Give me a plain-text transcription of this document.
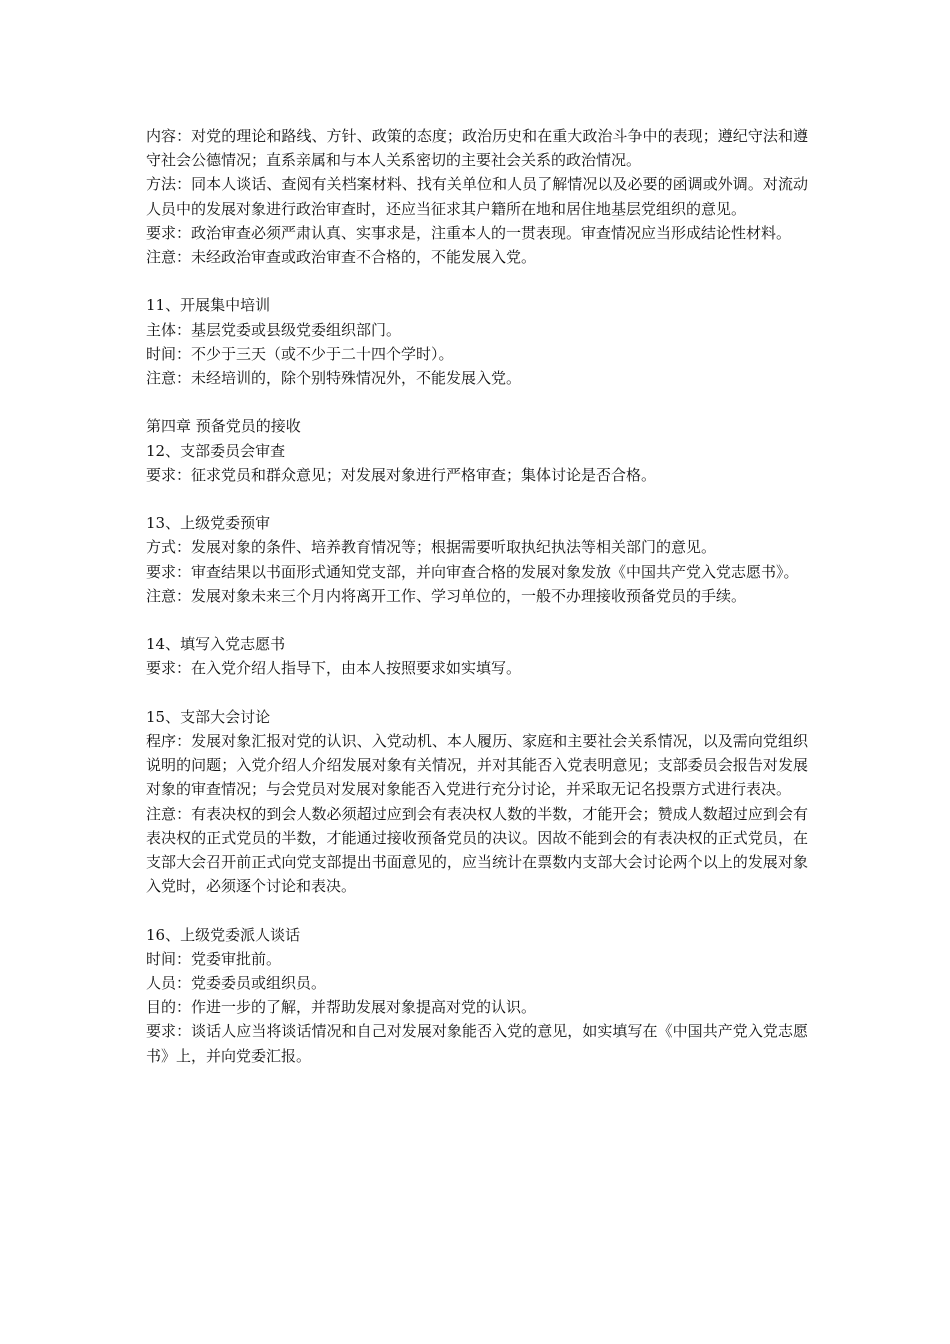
内容：对党的理论和路线、方针、政策的态度；政治历史和在重大政治斗争中的表现；遵纪守法和遵守社会公德情况；直系亲属和与本人关系密切的主要社会关系的政治情况。

方法：同本人谈话、查阅有关档案材料、找有关单位和人员了解情况以及必要的函调或外调。对流动人员中的发展对象进行政治审查时，还应当征求其户籍所在地和居住地基层党组织的意见。

要求：政治审查必须严肃认真、实事求是，注重本人的一贯表现。审查情况应当形成结论性材料。

注意：未经政治审查或政治审查不合格的，不能发展入党。

11、开展集中培训

主体：基层党委或县级党委组织部门。

时间：不少于三天（或不少于二十四个学时）。

注意：未经培训的，除个别特殊情况外，不能发展入党。

第四章 预备党员的接收

12、支部委员会审查

要求：征求党员和群众意见；对发展对象进行严格审查；集体讨论是否合格。

13、上级党委预审

方式：发展对象的条件、培养教育情况等；根据需要听取执纪执法等相关部门的意见。

要求：审查结果以书面形式通知党支部，并向审查合格的发展对象发放《中国共产党入党志愿书》。

注意：发展对象未来三个月内将离开工作、学习单位的，一般不办理接收预备党员的手续。

14、填写入党志愿书

要求：在入党介绍人指导下，由本人按照要求如实填写。

15、支部大会讨论

程序：发展对象汇报对党的认识、入党动机、本人履历、家庭和主要社会关系情况，以及需向党组织说明的问题；入党介绍人介绍发展对象有关情况，并对其能否入党表明意见；支部委员会报告对发展对象的审查情况；与会党员对发展对象能否入党进行充分讨论，并采取无记名投票方式进行表决。

注意：有表决权的到会人数必须超过应到会有表决权人数的半数，才能开会；赞成人数超过应到会有表决权的正式党员的半数，才能通过接收预备党员的决议。因故不能到会的有表决权的正式党员，在支部大会召开前正式向党支部提出书面意见的，应当统计在票数内支部大会讨论两个以上的发展对象入党时，必须逐个讨论和表决。

16、上级党委派人谈话

时间：党委审批前。

人员：党委委员或组织员。

目的：作进一步的了解，并帮助发展对象提高对党的认识。

要求：谈话人应当将谈话情况和自己对发展对象能否入党的意见，如实填写在《中国共产党入党志愿书》上，并向党委汇报。
